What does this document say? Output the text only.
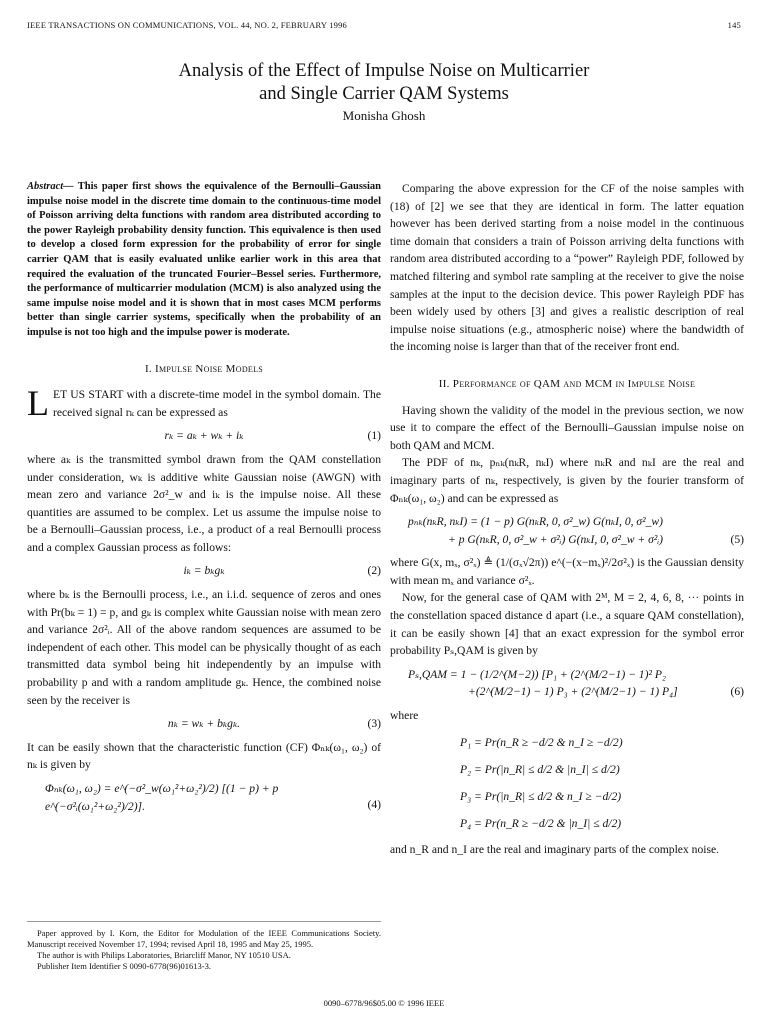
IEEE TRANSACTIONS ON COMMUNICATIONS, VOL. 44, NO. 2, FEBRUARY 1996	145
Analysis of the Effect of Impulse Noise on Multicarrier
and Single Carrier QAM Systems
Monisha Ghosh

Abstract— This paper first shows the equivalence of the Bernoulli–Gaussian impulse noise model in the discrete time domain to the continuous-time model of Poisson arriving delta functions with random area distributed according to the power Rayleigh probability density function. This equivalence is then used to develop a closed form expression for the probability of error for single carrier QAM that is easily evaluated unlike earlier work in this area that required the evaluation of the truncated Fourier–Bessel series. Furthermore, the performance of multicarrier modulation (MCM) is also analyzed using the same impulse noise model and it is shown that in most cases MCM performs better than single carrier systems, specifically when the probability of an impulse is not too high and the impulse power is moderate.

I. Impulse Noise Models

LET US START with a discrete-time model in the symbol domain. The received signal rₖ can be expressed as

rₖ = aₖ + wₖ + iₖ	(1)

where aₖ is the transmitted symbol drawn from the QAM constellation under consideration, wₖ is additive white Gaussian noise (AWGN) with mean zero and variance 2σ²_w and iₖ is the impulse noise. All these quantities are assumed to be complex. Let us assume the impulse noise to be a Bernoulli–Gaussian process, i.e., a product of a real Bernoulli process and a complex Gaussian process as follows:

iₖ = bₖgₖ	(2)

where bₖ is the Bernoulli process, i.e., an i.i.d. sequence of zeros and ones with Pr(bₖ = 1) = p, and gₖ is complex white Gaussian noise with mean zero and variance 2σ²ᵢ. All of the above random sequences are assumed to be independent of each other. This model can be physically thought of as each transmitted data symbol being hit independently by an impulse with probability p and with a random amplitude gₖ. Hence, the combined noise seen by the receiver is

nₖ = wₖ + bₖgₖ.	(3)

It can be easily shown that the characteristic function (CF) Φₙₖ(ω₁, ω₂) of nₖ is given by

Φₙₖ(ω₁, ω₂) = e^(−σ²_w(ω₁²+ω₂²)/2) [(1 − p) + p e^(−σ²ᵢ(ω₁²+ω₂²)/2)].	(4)

Paper approved by I. Korn, the Editor for Modulation of the IEEE Communications Society. Manuscript received November 17, 1994; revised April 18, 1995 and May 25, 1995.

The author is with Philips Laboratories, Briarcliff Manor, NY 10510 USA.

Publisher Item Identifier S 0090-6778(96)01613-3.

Comparing the above expression for the CF of the noise samples with (18) of [2] we see that they are identical in form. The latter equation however has been derived starting from a noise model in the continuous time domain that considers a train of Poisson arriving delta functions with random area distributed according to a “power” Rayleigh PDF, followed by matched filtering and symbol rate sampling at the receiver to give the noise samples at the input to the decision device. This power Rayleigh PDF has been widely used by others [3] and gives a realistic description of real impulse noise situations (e.g., atmospheric noise) where the bandwidth of the incoming noise is larger than that of the receiver front end.

II. Performance of QAM and MCM in Impulse Noise

Having shown the validity of the model in the previous section, we now use it to compare the effect of the Bernoulli–Gaussian impulse noise on both QAM and MCM.

The PDF of nₖ, pₙₖ(nₖR, nₖI) where nₖR and nₖI are the real and imaginary parts of nₖ, respectively, is given by the fourier transform of Φₙₖ(ω₁, ω₂) and can be expressed as

pₙₖ(nₖR, nₖI) = (1 − p) G(nₖR, 0, σ²_w) G(nₖI, 0, σ²_w)
+ p G(nₖR, 0, σ²_w + σ²ᵢ) G(nₖI, 0, σ²_w + σ²ᵢ)	(5)

where G(x, mₓ, σ²ₓ) ≜ (1/(σₓ√2π)) e^(−(x−mₓ)²/2σ²ₓ) is the Gaussian density with mean mₓ and variance σ²ₓ.

Now, for the general case of QAM with 2ᴹ, M = 2, 4, 6, 8, ··· points in the constellation spaced distance d apart (i.e., a square QAM constellation), it can be easily shown [4] that an exact expression for the symbol error probability Pₛ,QAM is given by

Pₛ,QAM = 1 − (1/2^(M−2)) [P₁ + (2^(M/2−1) − 1)² P₂
+(2^(M/2−1) − 1) P₃ + (2^(M/2−1) − 1) P₄]	(6)

where

P₁ = Pr(n_R ≥ −d/2 & n_I ≥ −d/2)
P₂ = Pr(|n_R| ≤ d/2 & |n_I| ≤ d/2)
P₃ = Pr(|n_R| ≤ d/2 & n_I ≥ −d/2)
P₄ = Pr(n_R ≥ −d/2 & |n_I| ≤ d/2)

and n_R and n_I are the real and imaginary parts of the complex noise.

0090–6778/96$05.00 © 1996 IEEE
